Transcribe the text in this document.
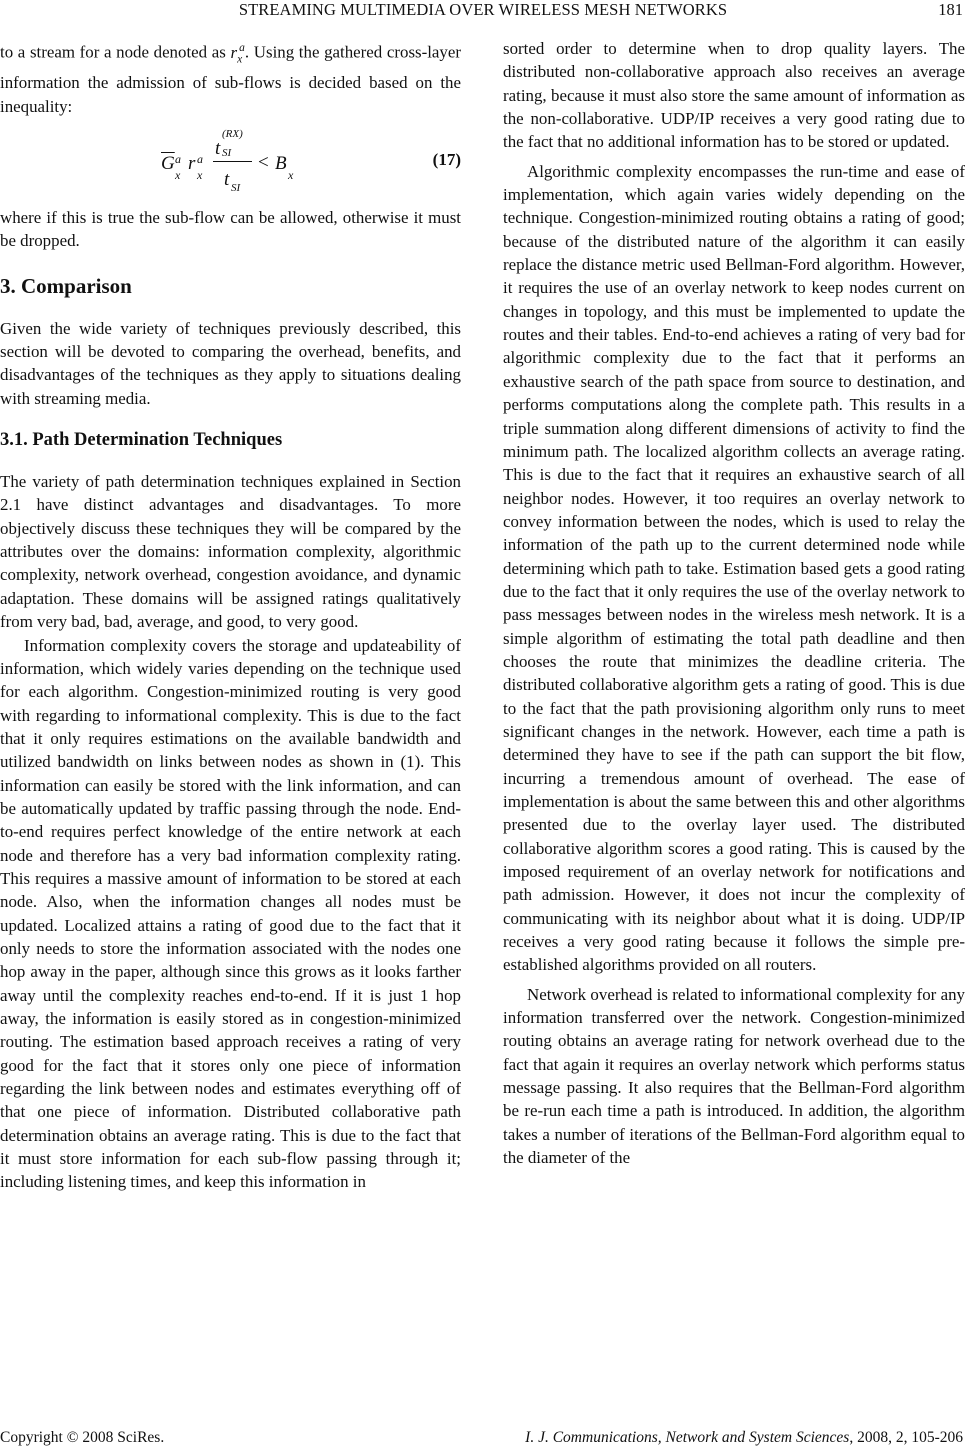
STREAMING MULTIMEDIA OVER WIRELESS MESH NETWORKS	181

to a stream for a node denoted as $r_x^a$. Using the gathered cross-layer information the admission of sub-flows is decided based on the inequality:

$\overline{G}$ a
x
r a
x
t
(RX)
SI
t SI
< B
x
(17)

where if this is true the sub-flow can be allowed, otherwise it must be dropped.

3. Comparison

Given the wide variety of techniques previously described, this section will be devoted to comparing the overhead, benefits, and disadvantages of the techniques as they apply to situations dealing with streaming media.

3.1. Path Determination Techniques

The variety of path determination techniques explained in Section 2.1 have distinct advantages and disadvantages. To more objectively discuss these techniques they will be compared by the attributes over the domains: information complexity, algorithmic complexity, network overhead, congestion avoidance, and dynamic adaptation. These domains will be assigned ratings qualitatively from very bad, bad, average, and good, to very good.

Information complexity covers the storage and updateability of information, which widely varies depending on the technique used for each algorithm. Congestion-minimized routing is very good with regarding to informational complexity. This is due to the fact that it only requires estimations on the available bandwidth and utilized bandwidth on links between nodes as shown in (1). This information can easily be stored with the link information, and can be automatically updated by traffic passing through the node. End-to-end requires perfect knowledge of the entire network at each node and therefore has a very bad information complexity rating. This requires a massive amount of information to be stored at each node. Also, when the information changes all nodes must be updated. Localized attains a rating of good due to the fact that it only needs to store the information associated with the nodes one hop away in the paper, although since this grows as it looks farther away until the complexity reaches end-to-end. If it is just 1 hop away, the information is easily stored as in congestion-minimized routing. The estimation based approach receives a rating of very good for the fact that it stores only one piece of information regarding the link between nodes and estimates everything off of that one piece of information. Distributed collaborative path determination obtains an average rating. This is due to the fact that it must store information for each sub-flow passing through it; including listening times, and keep this information in

sorted order to determine when to drop quality layers. The distributed non-collaborative approach also receives an average rating, because it must also store the same amount of information as the non-collaborative. UDP/IP receives a very good rating due to the fact that no additional information has to be stored or updated.

Algorithmic complexity encompasses the run-time and ease of implementation, which again varies widely depending on the technique. Congestion-minimized routing obtains a rating of good; because of the distributed nature of the algorithm it can easily replace the distance metric used Bellman-Ford algorithm. However, it requires the use of an overlay network to keep nodes current on changes in topology, and this must be implemented to update the routes and their tables. End-to-end achieves a rating of very bad for algorithmic complexity due to the fact that it performs an exhaustive search of the path space from source to destination, and performs computations along the complete path. This results in a triple summation along different dimensions of activity to find the minimum path. The localized algorithm collects an average rating. This is due to the fact that it requires an exhaustive search of all neighbor nodes. However, it too requires an overlay network to convey information between the nodes, which is used to relay the information of the path up to the current determined node while determining which path to take. Estimation based gets a good rating due to the fact that it only requires the use of the overlay network to pass messages between nodes in the wireless mesh network. It is a simple algorithm of estimating the total path deadline and then chooses the route that minimizes the deadline criteria. The distributed collaborative algorithm gets a rating of good. This is due to the fact that the path provisioning algorithm only runs to meet significant changes in the network. However, each time a path is determined they have to see if the path can support the bit flow, incurring a tremendous amount of overhead. The ease of implementation is about the same between this and other algorithms presented due to the overlay layer used. The distributed collaborative algorithm scores a good rating. This is caused by the imposed requirement of an overlay network for notifications and path admission. However, it does not incur the complexity of communicating with its neighbor about what it is doing. UDP/IP receives a very good rating because it follows the simple pre-established algorithms provided on all routers.

Network overhead is related to informational complexity for any information transferred over the network. Congestion-minimized routing obtains an average rating for network overhead due to the fact that again it requires an overlay network which performs status message passing. It also requires that the Bellman-Ford algorithm be re-run each time a path is introduced. In addition, the algorithm takes a number of iterations of the Bellman-Ford algorithm equal to the diameter of the

Copyright © 2008 SciRes.	I. J. Communications, Network and System Sciences, 2008, 2, 105-206
